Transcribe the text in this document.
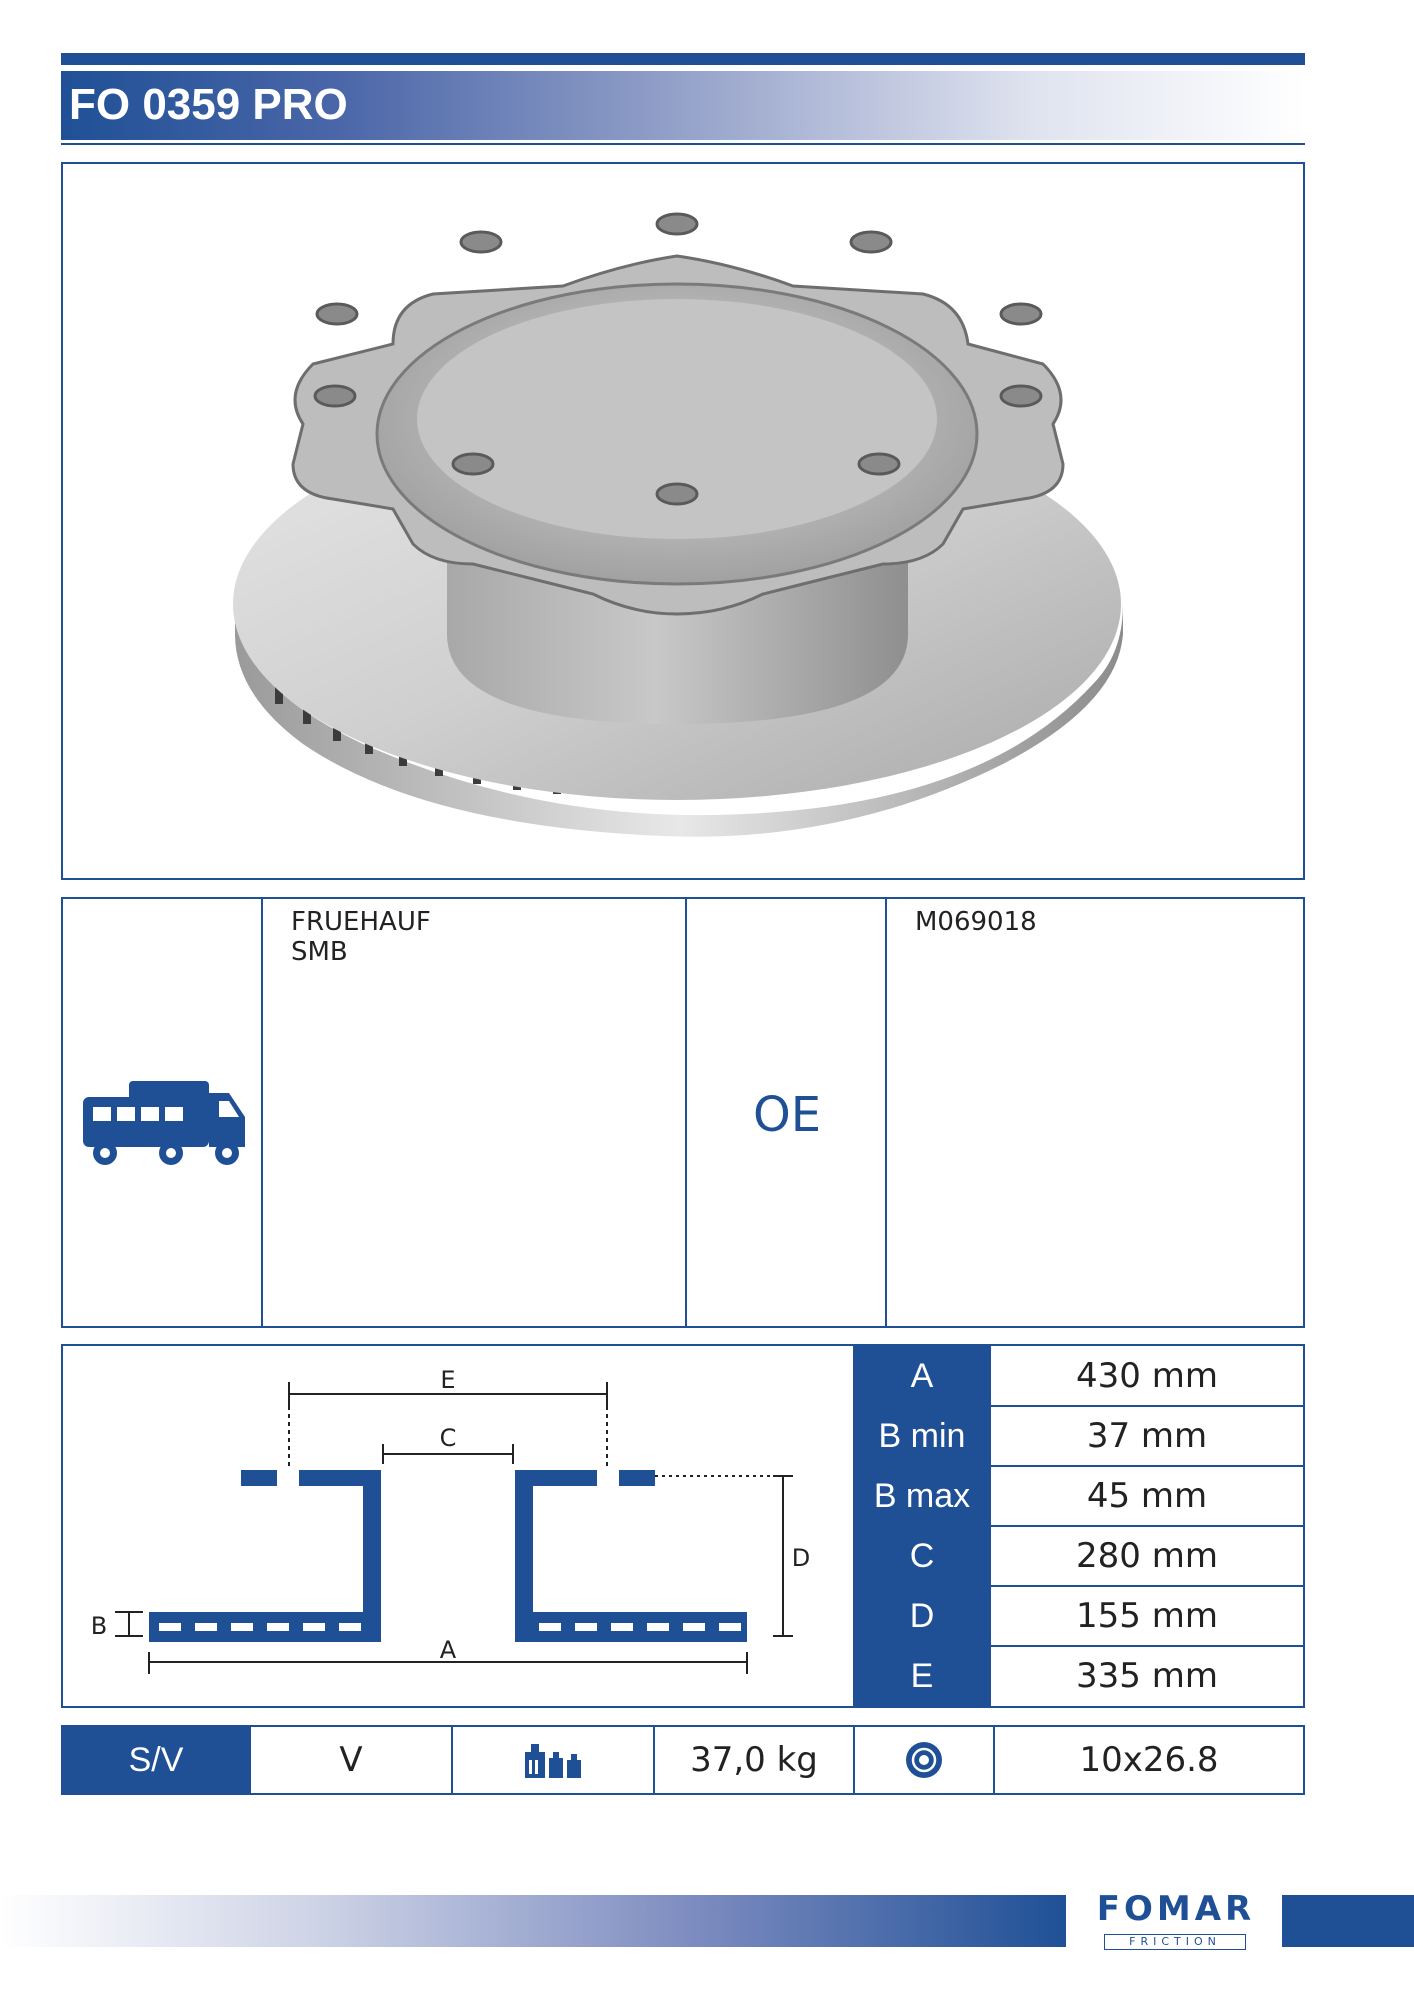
FO 0359 PRO
FRUEHAUF
SMB
OE
M069018
E
C
D
A
B
A	430 mm
B min	37 mm
B max	45 mm
C	280 mm
D	155 mm
E	335 mm
S/V	V	37,0 kg	10x26.8
FOMAR
FRICTION
